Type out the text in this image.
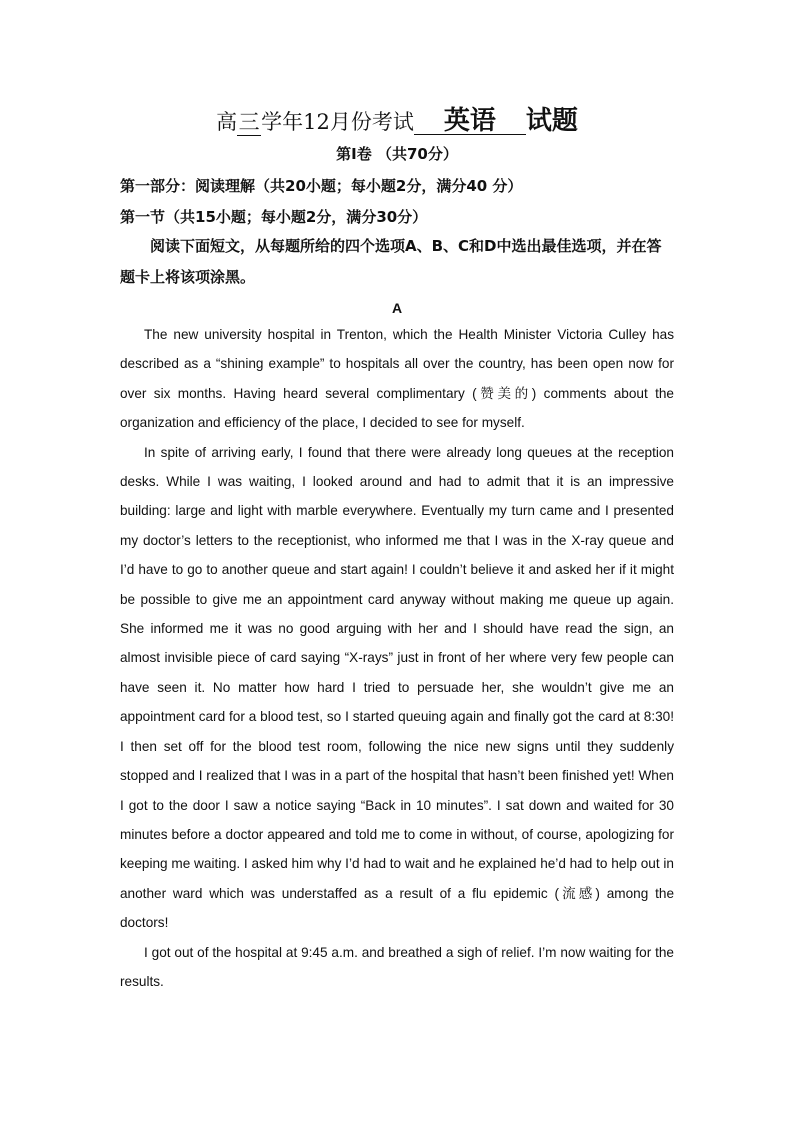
高三学年12月份考试 英语 试题
第Ⅰ卷 （共70分）
第一部分：阅读理解（共20小题；每小题2分，满分40 分）
第一节（共15小题；每小题2分，满分30分）
阅读下面短文，从每题所给的四个选项A、B、C和D中选出最佳选项，并在答题卡上将该项涂黑。
A

The new university hospital in Trenton, which the Health Minister Victoria Culley has described as a “shining example” to hospitals all over the country, has been open now for over six months. Having heard several complimentary (赞美的) comments about the organization and efficiency of the place, I decided to see for myself.

In spite of arriving early, I found that there were already long queues at the reception desks. While I was waiting, I looked around and had to admit that it is an impressive building: large and light with marble everywhere. Eventually my turn came and I presented my doctor’s letters to the receptionist, who informed me that I was in the X-ray queue and I’d have to go to another queue and start again! I couldn’t believe it and asked her if it might be possible to give me an appointment card anyway without making me queue up again. She informed me it was no good arguing with her and I should have read the sign, an almost invisible piece of card saying “X-rays” just in front of her where very few people can have seen it. No matter how hard I tried to persuade her, she wouldn’t give me an appointment card for a blood test, so I started queuing again and finally got the card at 8:30! I then set off for the blood test room, following the nice new signs until they suddenly stopped and I realized that I was in a part of the hospital that hasn’t been finished yet! When I got to the door I saw a notice saying “Back in 10 minutes”. I sat down and waited for 30 minutes before a doctor appeared and told me to come in without, of course, apologizing for keeping me waiting. I asked him why I’d had to wait and he explained he’d had to help out in another ward which was understaffed as a result of a flu epidemic (流感) among the doctors!

I got out of the hospital at 9:45 a.m. and breathed a sigh of relief. I’m now waiting for the results.
